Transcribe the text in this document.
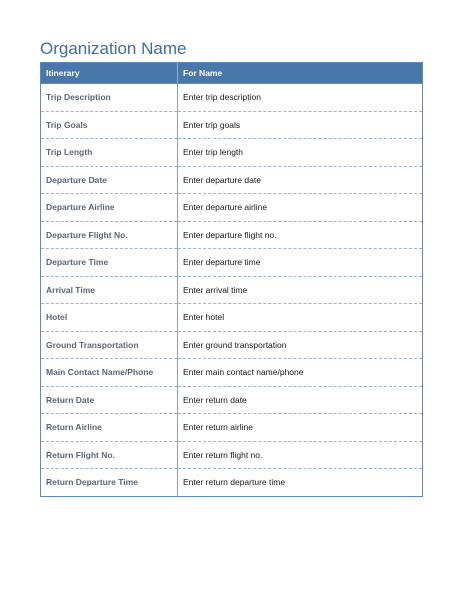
Organization Name
Itinerary	For Name
Trip Description	Enter trip description
Trip Goals	Enter trip goals
Trip Length	Enter trip length
Departure Date	Enter departure date
Departure Airline	Enter departure airline
Departure Flight No.	Enter departure flight no.
Departure Time	Enter departure time
Arrival Time	Enter arrival time
Hotel	Enter hotel
Ground Transportation	Enter ground transportation
Main Contact Name/Phone	Enter main contact name/phone
Return Date	Enter return date
Return Airline	Enter return airline
Return Flight No.	Enter return flight no.
Return Departure Time	Enter return departure time
